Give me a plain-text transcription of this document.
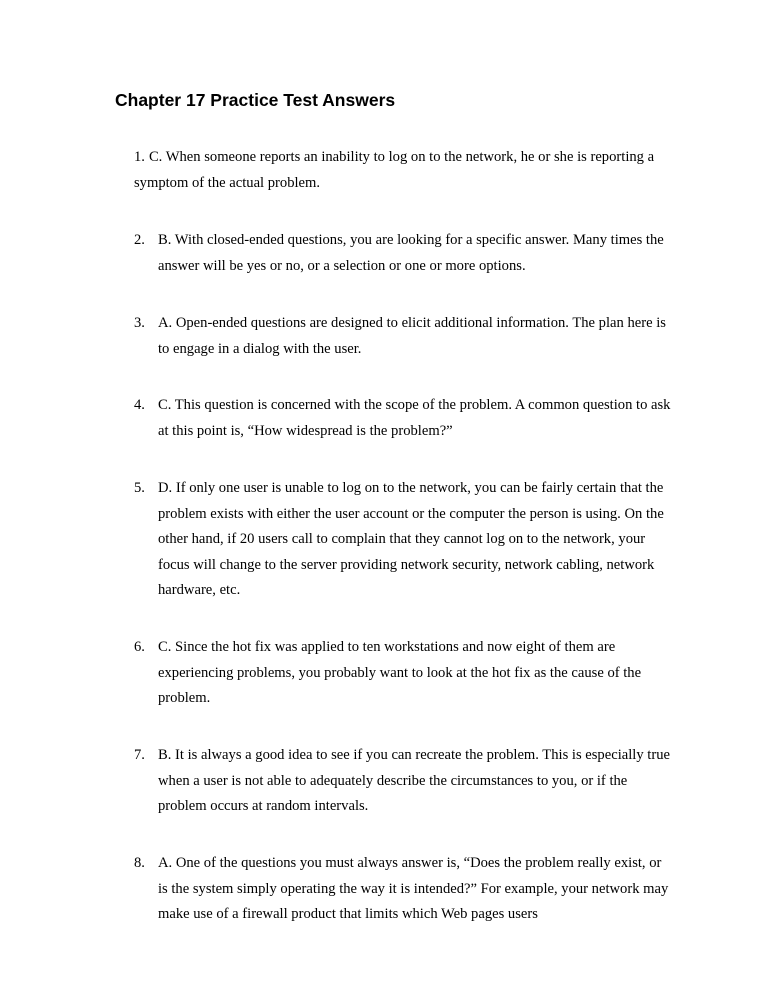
Chapter 17 Practice Test Answers

1. C. When someone reports an inability to log on to the network, he or she is reporting a symptom of the actual problem.

2. B. With closed-ended questions, you are looking for a specific answer. Many times the answer will be yes or no, or a selection or one or more options.

3. A. Open-ended questions are designed to elicit additional information. The plan here is to engage in a dialog with the user.

4. C. This question is concerned with the scope of the problem. A common question to ask at this point is, “How widespread is the problem?”

5. D. If only one user is unable to log on to the network, you can be fairly certain that the problem exists with either the user account or the computer the person is using. On the other hand, if 20 users call to complain that they cannot log on to the network, your focus will change to the server providing network security, network cabling, network hardware, etc.

6. C. Since the hot fix was applied to ten workstations and now eight of them are experiencing problems, you probably want to look at the hot fix as the cause of the problem.

7. B. It is always a good idea to see if you can recreate the problem. This is especially true when a user is not able to adequately describe the circumstances to you, or if the problem occurs at random intervals.

8. A. One of the questions you must always answer is, “Does the problem really exist, or is the system simply operating the way it is intended?” For example, your network may make use of a firewall product that limits which Web pages users
